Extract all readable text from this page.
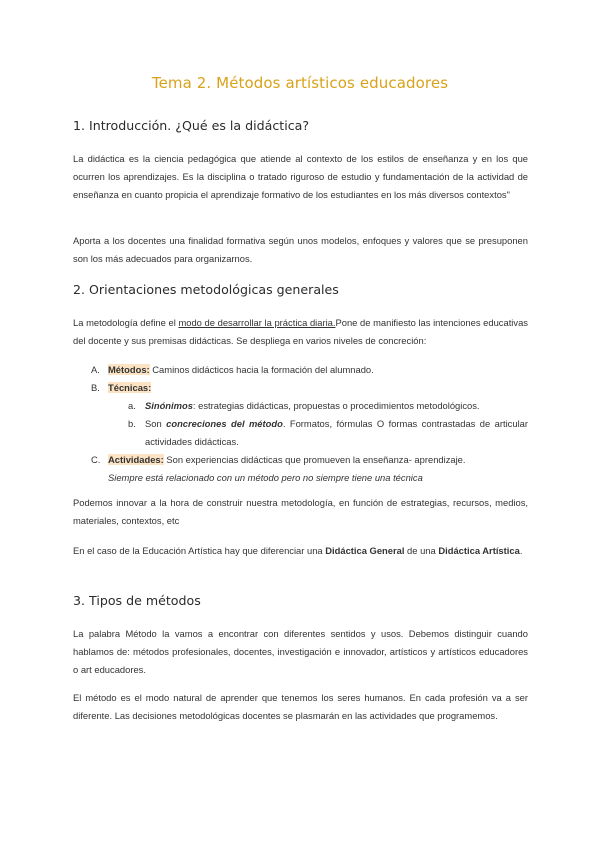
Tema 2. Métodos artísticos educadores
1. Introducción. ¿Qué es la didáctica?

La didáctica es la ciencia pedagógica que atiende al contexto de los estilos de enseñanza y en los que ocurren los aprendizajes. Es la disciplina o tratado riguroso de estudio y fundamentación de la actividad de enseñanza en cuanto propicia el aprendizaje formativo de los estudiantes en los más diversos contextos"

Aporta a los docentes una finalidad formativa según unos modelos, enfoques y valores que se presuponen son los más adecuados para organizarnos.

2. Orientaciones metodológicas generales

La metodología define el modo de desarrollar la práctica diaria.Pone de manifiesto las intenciones educativas del docente y sus premisas didácticas. Se despliega en varios niveles de concreción:

A. Métodos: Caminos didácticos hacia la formación del alumnado.
B. Técnicas:
a. Sinónimos: estrategias didácticas, propuestas o procedimientos metodológicos.
b. Son concreciones del método. Formatos, fórmulas O formas contrastadas de articular actividades didácticas.
C. Actividades: Son experiencias didácticas que promueven la enseñanza- aprendizaje.
Siempre está relacionado con un método pero no siempre tiene una técnica

Podemos innovar a la hora de construir nuestra metodología, en función de estrategias, recursos, medios, materiales, contextos, etc

En el caso de la Educación Artística hay que diferenciar una Didáctica General de una Didáctica Artística.

3. Tipos de métodos

La palabra Método la vamos a encontrar con diferentes sentidos y usos. Debemos distinguir cuando hablamos de: métodos profesionales, docentes, investigación e innovador, artísticos y artísticos educadores o art educadores.

El método es el modo natural de aprender que tenemos los seres humanos. En cada profesión va a ser diferente. Las decisiones metodológicas docentes se plasmarán en las actividades que programemos.
